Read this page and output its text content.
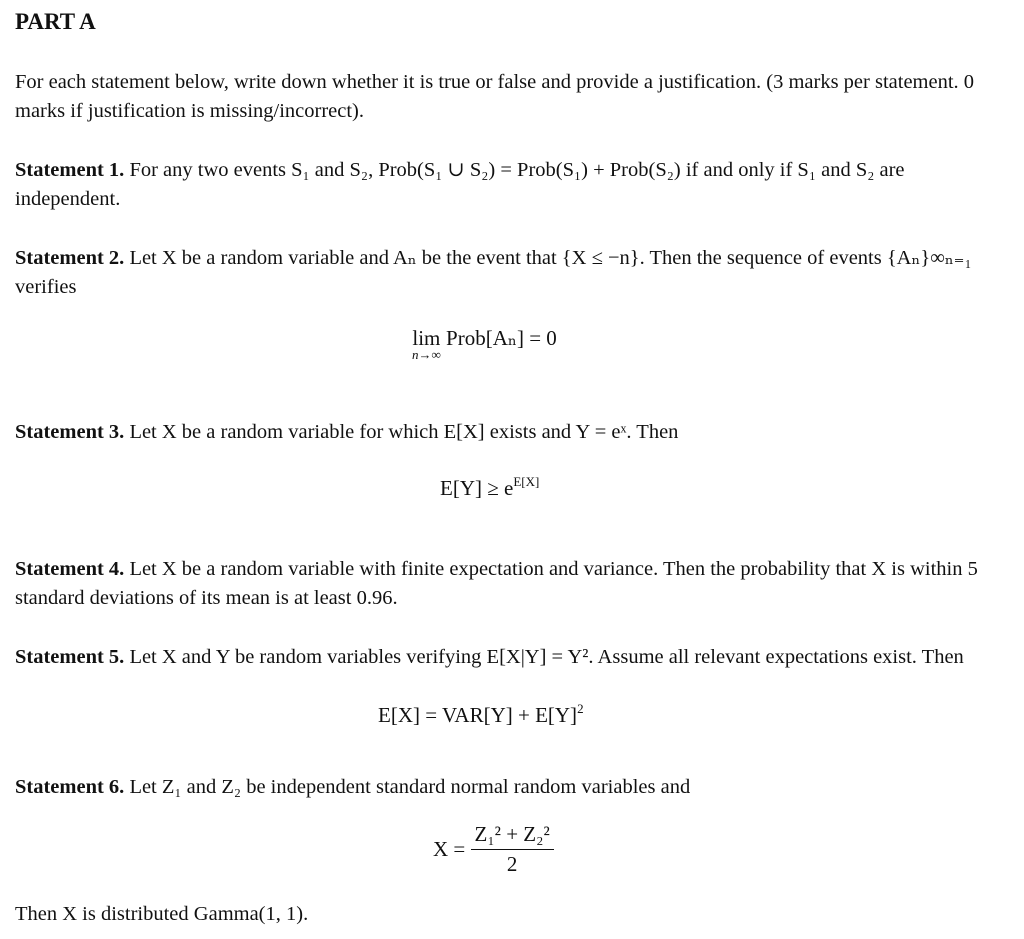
PART A
For each statement below, write down whether it is true or false and provide a justification. (3 marks per statement. 0 marks if justification is missing/incorrect).
Statement 1. For any two events S₁ and S₂, Prob(S₁ ∪ S₂) = Prob(S₁) + Prob(S₂) if and only if S₁ and S₂ are independent.
Statement 2. Let X be a random variable and Aₙ be the event that {X ≤ −n}. Then the sequence of events {Aₙ}∞ₙ₌₁ verifies
lim
n→∞
Prob[Aₙ] = 0
Statement 3. Let X be a random variable for which E[X] exists and Y = eˣ. Then
$E[Y] \ge e^{E[X]}$
Statement 4. Let X be a random variable with finite expectation and variance. Then the probability that X is within 5 standard deviations of its mean is at least 0.96.
Statement 5. Let X and Y be random variables verifying E[X|Y] = Y². Assume all relevant expectations exist. Then
$E[X] = VAR[Y] + E[Y]^2$
Statement 6. Let Z₁ and Z₂ be independent standard normal random variables and
$X = \frac{\text{Z₁² + Z₂²}}{2}$
Then X is distributed Gamma(1, 1).
